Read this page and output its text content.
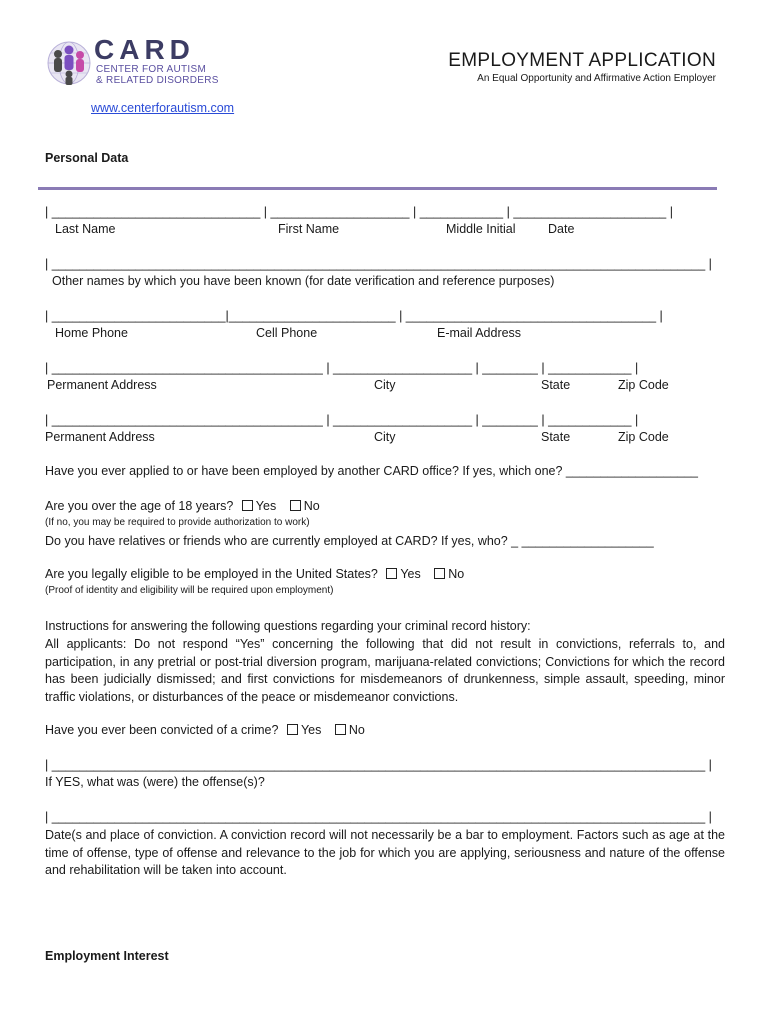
CARD
CENTER FOR AUTISM
& RELATED DISORDERS
EMPLOYMENT APPLICATION
An Equal Opportunity and Affirmative Action Employer
www.centerforautism.com
Personal Data
| ______________________________ | ____________________ | ____________ | ______________________ |
Last Name	First Name	Middle Initial	Date
| ______________________________________________________________________________________________ |
Other names by which you have been known (for date verification and reference purposes)
| _________________________|________________________ | ____________________________________ |
Home Phone	Cell Phone	E-mail Address
| _______________________________________ | ____________________ | ________ | ____________ |
Permanent Address	City	State	Zip Code
| _______________________________________ | ____________________ | ________ | ____________ |
Permanent Address	City	State	Zip Code
Have you ever applied to or have been employed by another CARD office? If yes, which one? ___________________
Are you over the age of 18 years? Yes No
(If no, you may be required to provide authorization to work)
Do you have relatives or friends who are currently employed at CARD? If yes, who? _ ___________________
Are you legally eligible to be employed in the United States? Yes No
(Proof of identity and eligibility will be required upon employment)
Instructions for answering the following questions regarding your criminal record history:
All applicants: Do not respond “Yes” concerning the following that did not result in convictions, referrals to, and participation, in any pretrial or post-trial diversion program, marijuana-related convictions; Convictions for which the record has been judicially dismissed; and first convictions for misdemeanors of drunkenness, simple assault, speeding, minor traffic violations, or disturbances of the peace or misdemeanor convictions.
Have you ever been convicted of a crime? Yes No
| ______________________________________________________________________________________________ |
If YES, what was (were) the offense(s)?
| ______________________________________________________________________________________________ |
Date(s and place of conviction. A conviction record will not necessarily be a bar to employment. Factors such as age at the time of offense, type of offense and relevance to the job for which you are applying, seriousness and nature of the offense and rehabilitation will be taken into account.
Employment Interest
